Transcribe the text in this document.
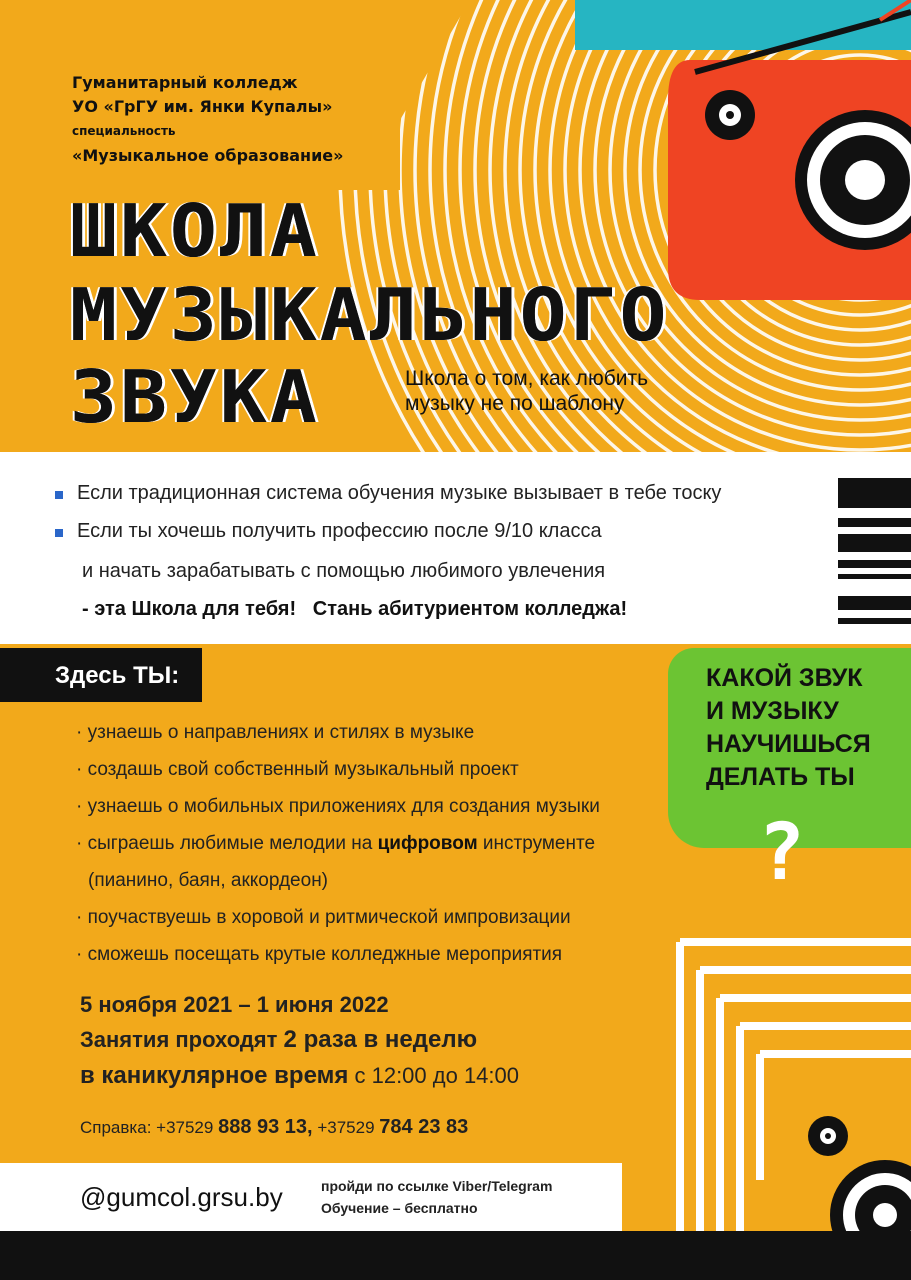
Гуманитарный колледж
УО «ГрГУ им. Янки Купалы»
специальность
«Музыкальное образование»
ШКОЛА
МУЗЫКАЛЬНОГО
ЗВУКА	Школа о том, как любить
музыку не по шаблону
Если традиционная система обучения музыке вызывает в тебе тоску
Если ты хочешь получить профессию после 9/10 класса
и начать зарабатывать с помощью любимого увлечения
- эта Школа для тебя!   Стань абитуриентом колледжа!
Здесь ТЫ:
· узнаешь о направлениях и стилях в музыке
· создашь свой собственный музыкальный проект
· узнаешь о мобильных приложениях для создания музыки
· сыграешь любимые мелодии на цифровом инструменте
(пианино, баян, аккордеон)
· поучаствуешь в хоровой и ритмической импровизации
· сможешь посещать крутые колледжные мероприятия
КАКОЙ ЗВУК
И МУЗЫКУ
НАУЧИШЬСЯ
ДЕЛАТЬ ТЫ
?
5 ноября 2021 – 1 июня 2022
Занятия проходят 2 раза в неделю
в каникулярное время с 12:00 до 14:00
Справка: +37529 888 93 13, +37529 784 23 83
@gumcol.grsu.by	пройди по ссылке Viber/Telegram
Обучение – бесплатно
